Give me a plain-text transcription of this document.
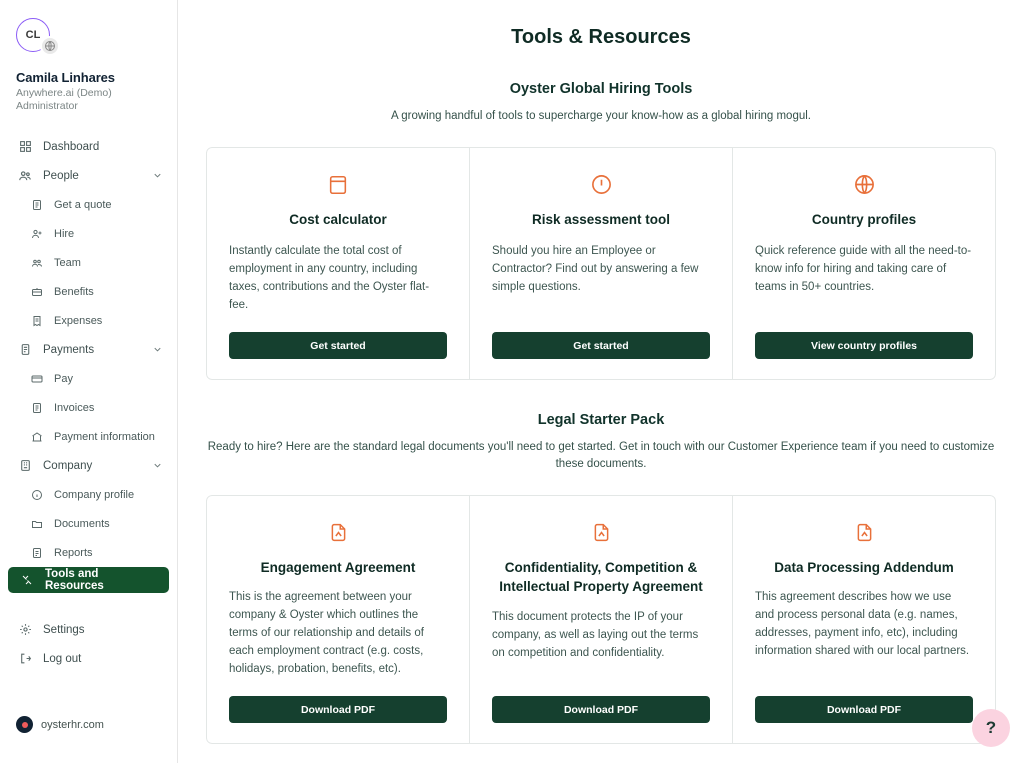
CL
Camila Linhares
Anywhere.ai (Demo)
Administrator
Dashboard
People
Get a quote
Hire
Team
Benefits
Expenses
Payments
Pay
Invoices
Payment information
Company
Company profile
Documents
Reports
Tools and Resources
Settings
Log out
oysterhr.com
Tools & Resources
Oyster Global Hiring Tools

A growing handful of tools to supercharge your know-how as a global hiring mogul.

Cost calculator
Instantly calculate the total cost of employment in any country, including taxes, contributions and the Oyster flat-fee.
Get started
Risk assessment tool
Should you hire an Employee or Contractor? Find out by answering a few simple questions.
Get started
Country profiles
Quick reference guide with all the need-to-know info for hiring and taking care of teams in 50+ countries.
View country profiles
Legal Starter Pack

Ready to hire? Here are the standard legal documents you'll need to get started. Get in touch with our Customer Experience team if you need to customize these documents.

Engagement Agreement
This is the agreement between your company & Oyster which outlines the terms of our relationship and details of each employment contract (e.g. costs, holidays, probation, benefits, etc).
Download PDF
Confidentiality, Competition & Intellectual Property Agreement
This document protects the IP of your company, as well as laying out the terms on competition and confidentiality.
Download PDF
Data Processing Addendum
This agreement describes how we use and process personal data (e.g. names, addresses, payment info, etc), including information shared with our local partners.
Download PDF
?
